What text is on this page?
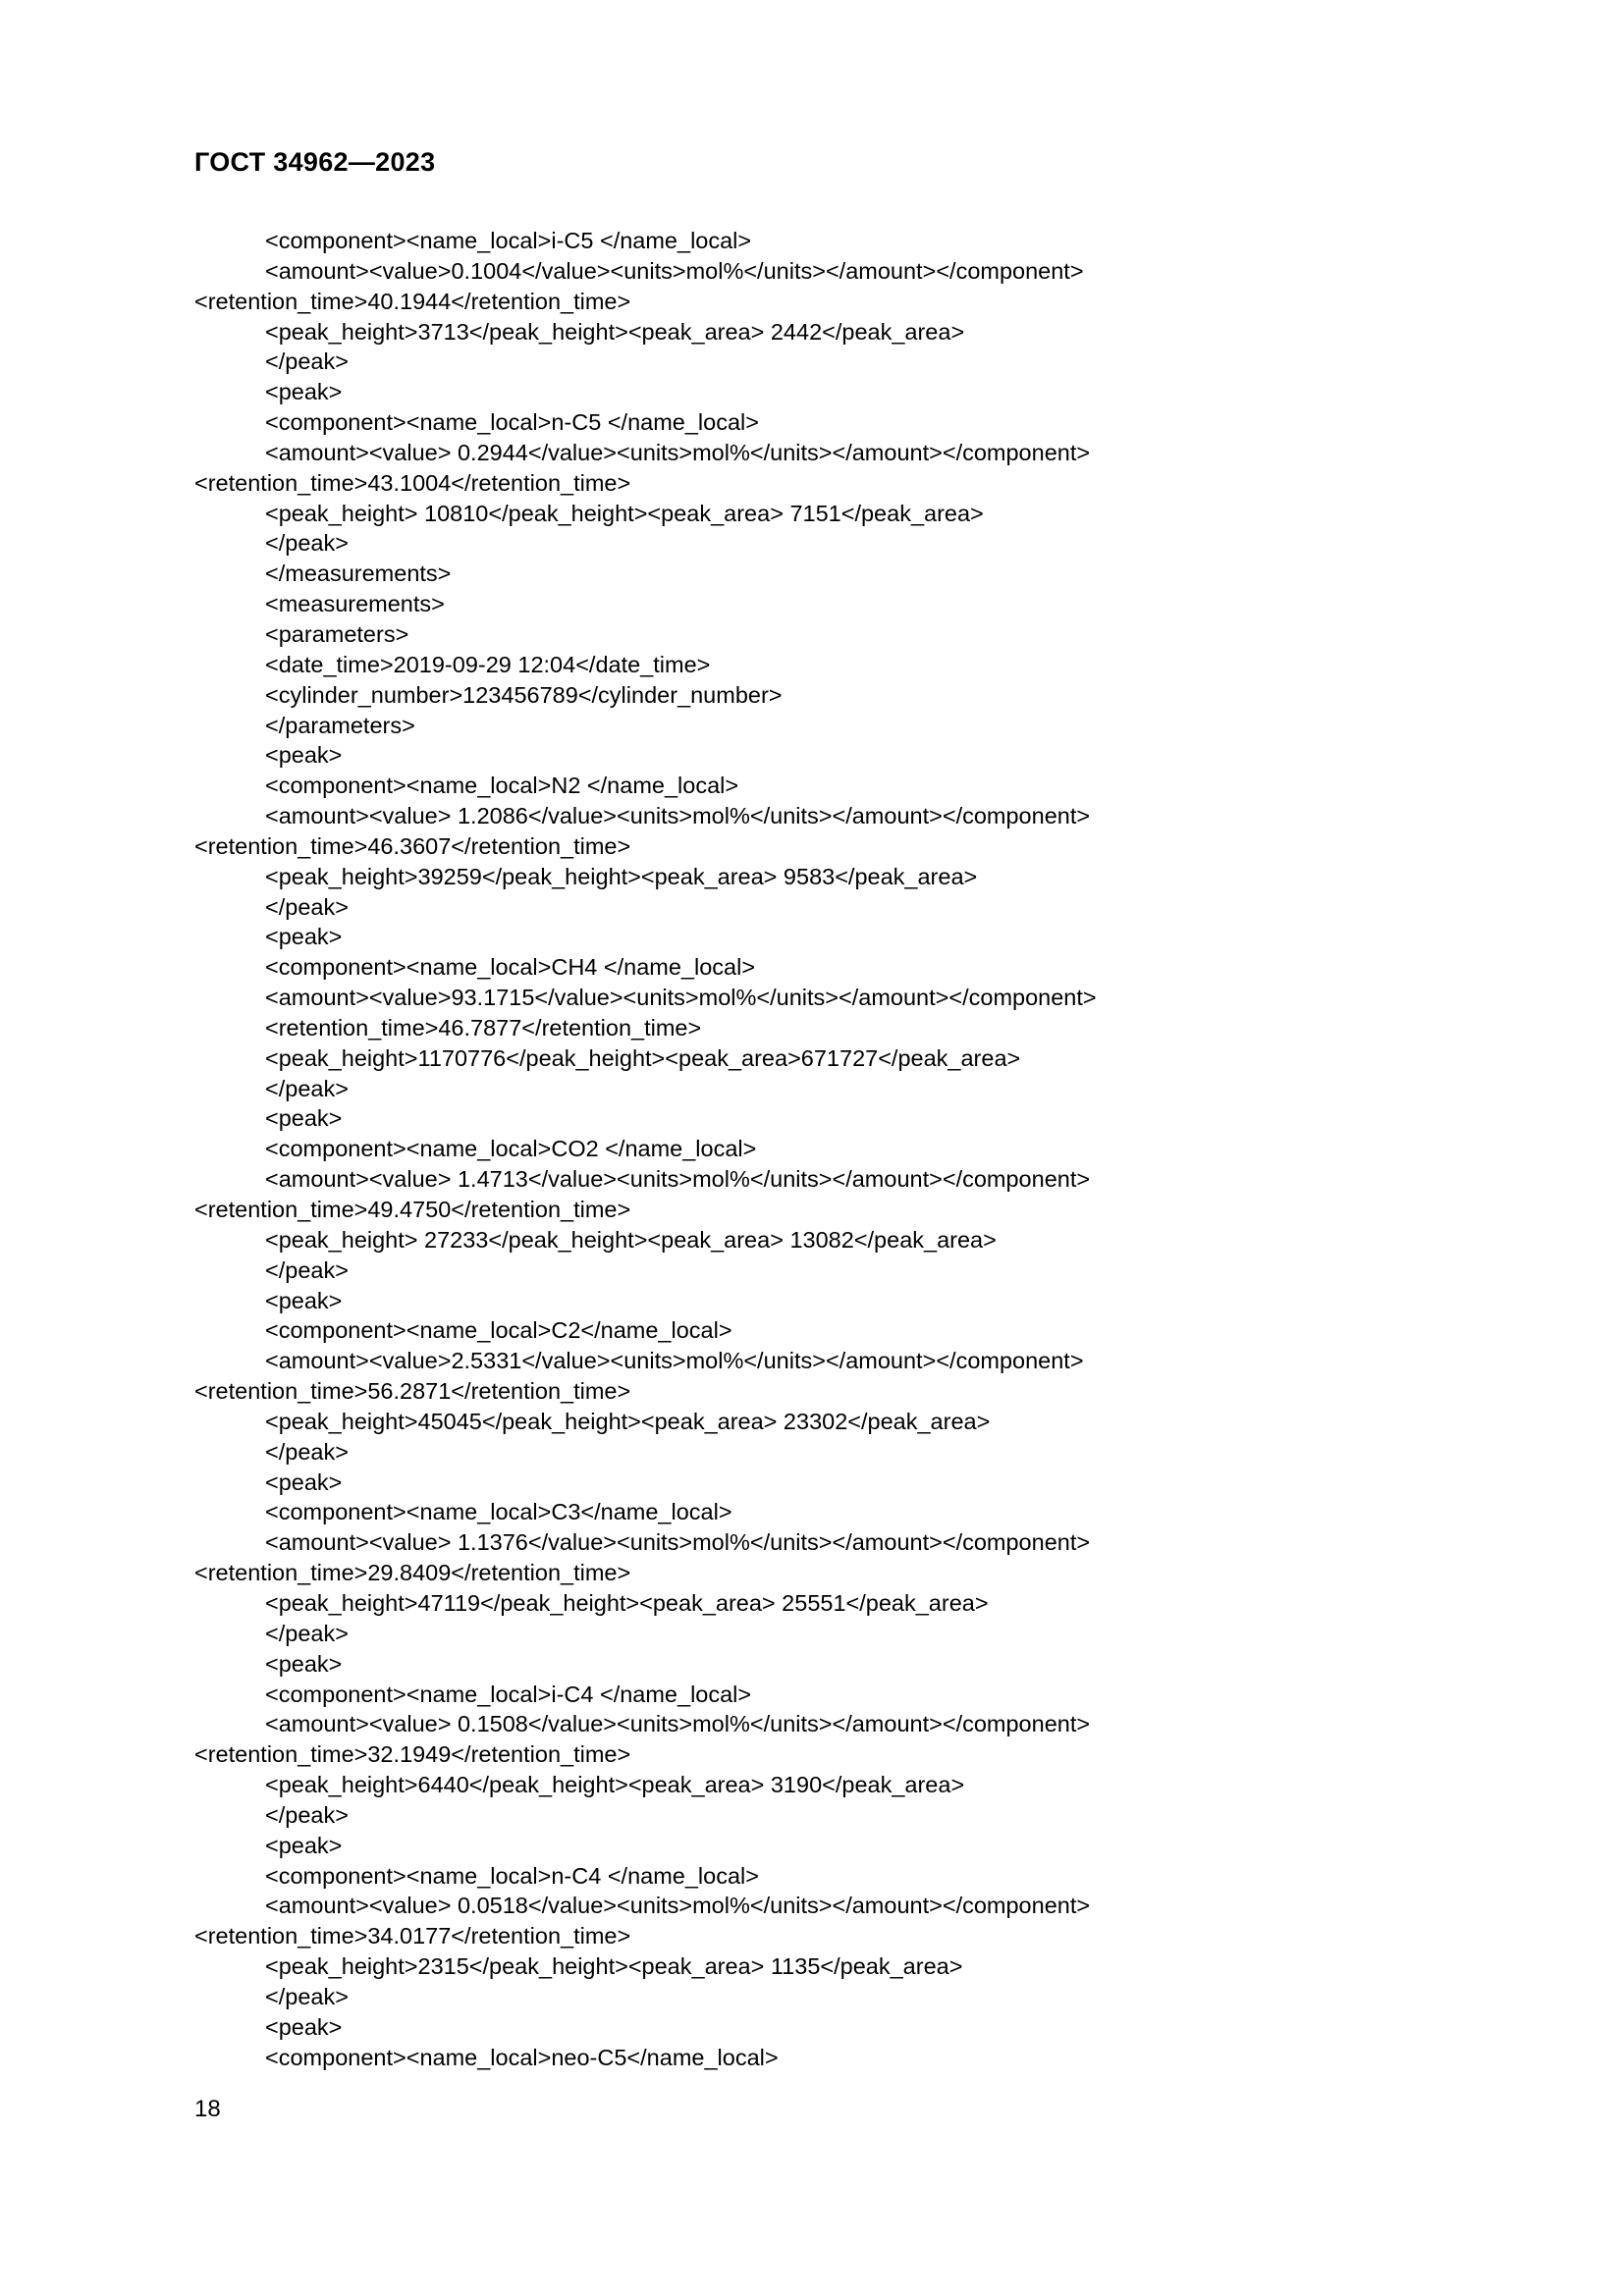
ГОСТ 34962—2023
<component><name_local>i-C5 </name_local>
<amount><value>0.1004</value><units>mol%</units></amount></component>
<retention_time>40.1944</retention_time>
<peak_height>3713</peak_height><peak_area> 2442</peak_area>
</peak>
<peak>
<component><name_local>n-C5 </name_local>
<amount><value> 0.2944</value><units>mol%</units></amount></component>
<retention_time>43.1004</retention_time>
<peak_height> 10810</peak_height><peak_area> 7151</peak_area>
</peak>
</measurements>
<measurements>
<parameters>
<date_time>2019-09-29 12:04</date_time>
<cylinder_number>123456789</cylinder_number>
</parameters>
<peak>
<component><name_local>N2 </name_local>
<amount><value> 1.2086</value><units>mol%</units></amount></component>
<retention_time>46.3607</retention_time>
<peak_height>39259</peak_height><peak_area> 9583</peak_area>
</peak>
<peak>
<component><name_local>CH4 </name_local>
<amount><value>93.1715</value><units>mol%</units></amount></component>
<retention_time>46.7877</retention_time>
<peak_height>1170776</peak_height><peak_area>671727</peak_area>
</peak>
<peak>
<component><name_local>CO2 </name_local>
<amount><value> 1.4713</value><units>mol%</units></amount></component>
<retention_time>49.4750</retention_time>
<peak_height> 27233</peak_height><peak_area> 13082</peak_area>
</peak>
<peak>
<component><name_local>C2</name_local>
<amount><value>2.5331</value><units>mol%</units></amount></component>
<retention_time>56.2871</retention_time>
<peak_height>45045</peak_height><peak_area> 23302</peak_area>
</peak>
<peak>
<component><name_local>C3</name_local>
<amount><value> 1.1376</value><units>mol%</units></amount></component>
<retention_time>29.8409</retention_time>
<peak_height>47119</peak_height><peak_area> 25551</peak_area>
</peak>
<peak>
<component><name_local>i-C4 </name_local>
<amount><value> 0.1508</value><units>mol%</units></amount></component>
<retention_time>32.1949</retention_time>
<peak_height>6440</peak_height><peak_area> 3190</peak_area>
</peak>
<peak>
<component><name_local>n-C4 </name_local>
<amount><value> 0.0518</value><units>mol%</units></amount></component>
<retention_time>34.0177</retention_time>
<peak_height>2315</peak_height><peak_area> 1135</peak_area>
</peak>
<peak>
<component><name_local>neo-C5</name_local>
18
